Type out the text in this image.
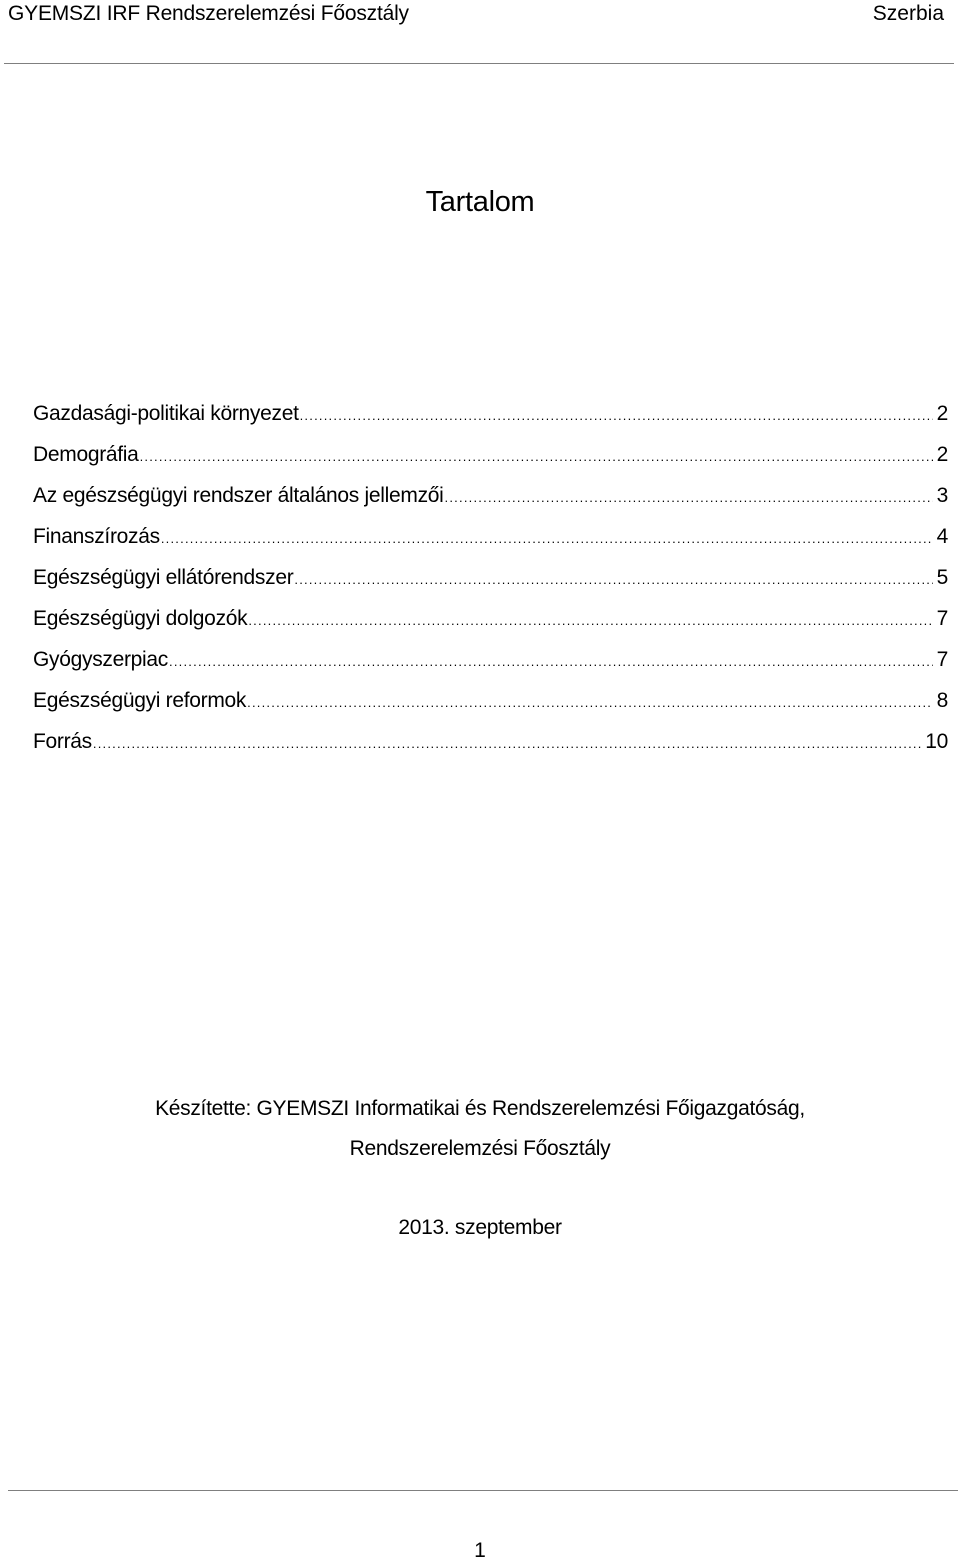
GYEMSZI IRF Rendszerelemzési Főosztály	Szerbia
Tartalom
Gazdasági-politikai környezet . . .	2
Demográfia . . .	2
Az egészségügyi rendszer általános jellemzői . . .	3
Finanszírozás . . .	4
Egészségügyi ellátórendszer . . .	5
Egészségügyi dolgozók . . .	7
Gyógyszerpiac . . .	7
Egészségügyi reformok . . .	8
Forrás . . .	10
Készítette: GYEMSZI Informatikai és Rendszerelemzési Főigazgatóság,
Rendszerelemzési Főosztály
2013. szeptember
1
